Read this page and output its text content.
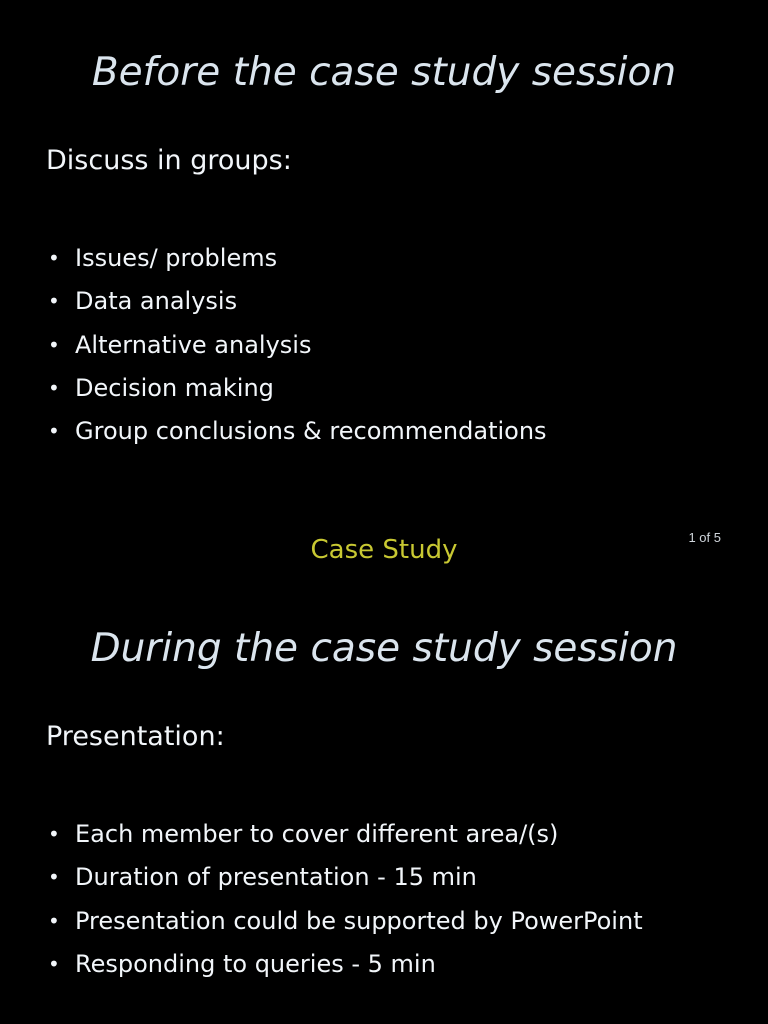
Before the case study session
Discuss in groups:
• Issues/ problems
• Data analysis
• Alternative analysis
• Decision making
• Group conclusions & recommendations
Case Study	1 of 5
During the case study session
Presentation:
• Each member to cover different area/(s)
• Duration of presentation - 15 min
• Presentation could be supported by PowerPoint
• Responding to queries - 5 min
